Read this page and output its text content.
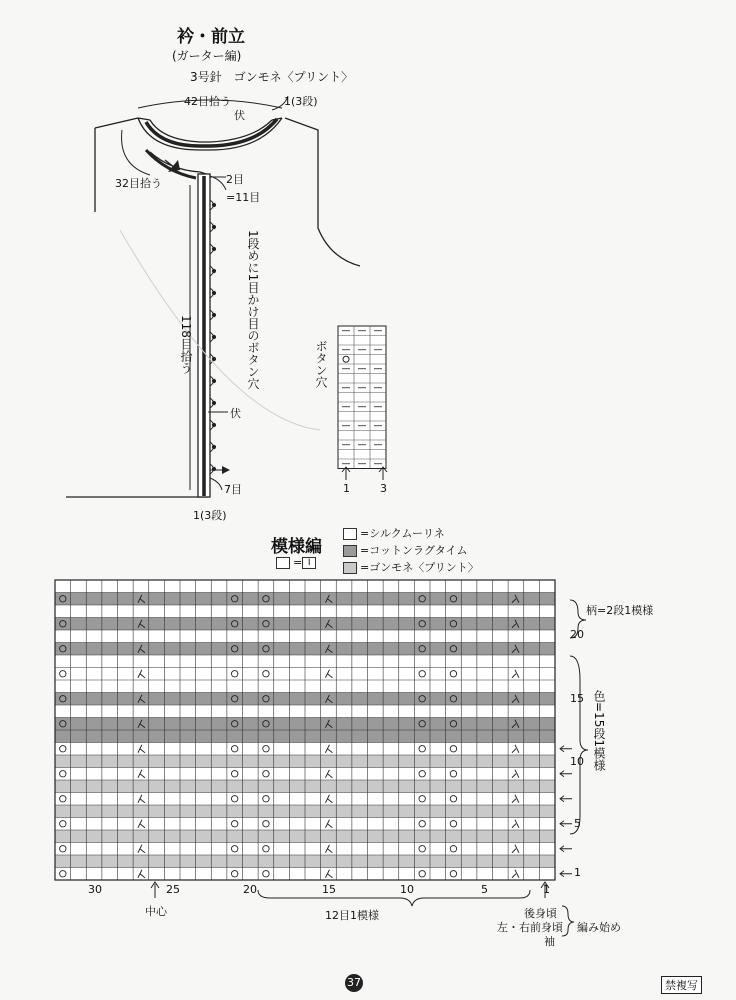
衿・前立
(ガーター編)
3号針　ゴンモネ〈プリント〉
42目拾う	1(3段)
伏
32目拾う	2目
=11目
1段めに1目かけ目のボタン穴
118目拾う
伏
7目
1(3段)
ボタン穴
1	3
模様編
= I
=シルクムーリネ
=コットンラグタイム
=ゴンモネ〈プリント〉
柄=2段1模様
色=15段1模様
20
15
10
5
1
30	25	20	15	10	5	1
中心	12目1模様	後身頃
左・右前身頃
袖
編み始め
37	禁複写
